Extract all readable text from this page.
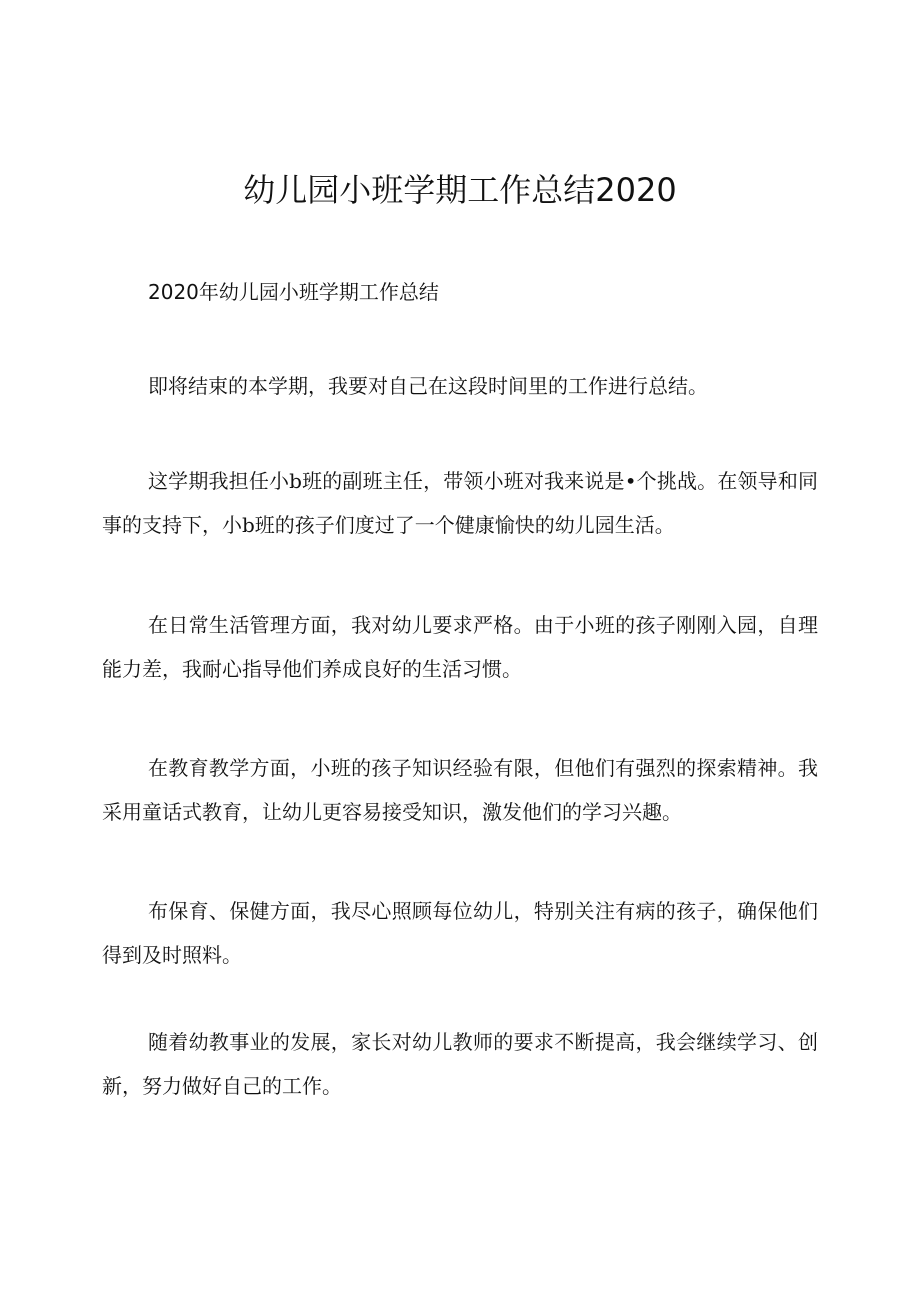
幼儿园小班学期工作总结2020

2020年幼儿园小班学期工作总结

即将结束的本学期，我要对自己在这段时间里的工作进行总结。

这学期我担任小b班的副班主任，带领小班对我来说是•个挑战。在领导和同事的支持下，小b班的孩子们度过了一个健康愉快的幼儿园生活。

在日常生活管理方面，我对幼儿要求严格。由于小班的孩子刚刚入园，自理能力差，我耐心指导他们养成良好的生活习惯。

在教育教学方面，小班的孩子知识经验有限，但他们有强烈的探索精神。我采用童话式教育，让幼儿更容易接受知识，激发他们的学习兴趣。

布保育、保健方面，我尽心照顾每位幼儿，特别关注有病的孩子，确保他们得到及时照料。

随着幼教事业的发展，家长对幼儿教师的要求不断提高，我会继续学习、创新，努力做好自己的工作。
